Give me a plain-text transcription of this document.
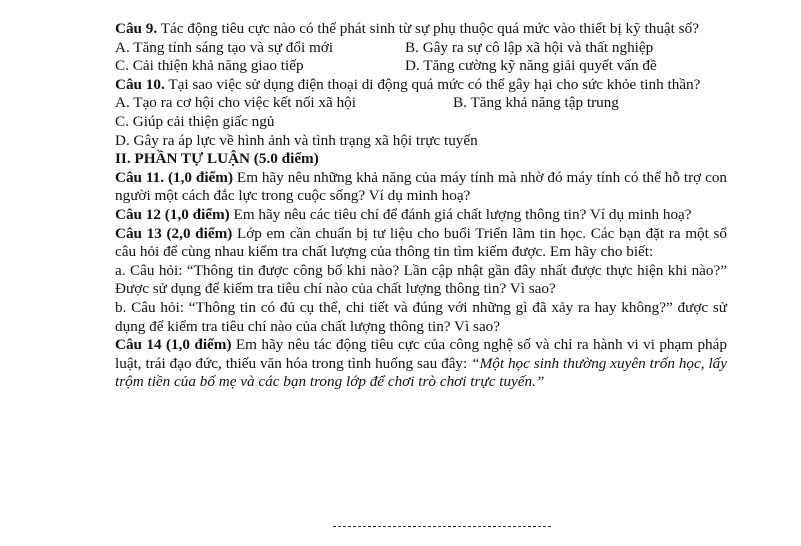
Câu 9. Tác động tiêu cực nào có thể phát sinh từ sự phụ thuộc quá mức vào thiết bị kỹ thuật số?

A. Tăng tính sáng tạo và sự đổi mới	B. Gây ra sự cô lập xã hội và thất nghiệp
C. Cải thiện khả năng giao tiếp	D. Tăng cường kỹ năng giải quyết vấn đề

Câu 10. Tại sao việc sử dụng điện thoại di động quá mức có thể gây hại cho sức khỏe tinh thần?

A. Tạo ra cơ hội cho việc kết nối xã hội	B. Tăng khả năng tập trung
C. Giúp cải thiện giấc ngủ
D. Gây ra áp lực về hình ảnh và tình trạng xã hội trực tuyến

II. PHẦN TỰ LUẬN (5.0 điểm)

Câu 11. (1,0 điểm) Em hãy nêu những khả năng của máy tính mà nhờ đó máy tính có thể hỗ trợ con người một cách đắc lực trong cuộc sống? Ví dụ minh hoạ?

Câu 12 (1,0 điểm) Em hãy nêu các tiêu chí để đánh giá chất lượng thông tin? Ví dụ minh hoạ?

Câu 13 (2,0 điểm) Lớp em cần chuẩn bị tư liệu cho buổi Triển lãm tin học. Các bạn đặt ra một số câu hỏi để cùng nhau kiểm tra chất lượng của thông tin tìm kiếm được. Em hãy cho biết:

a. Câu hỏi: “Thông tin được công bố khi nào? Lần cập nhật gần đây nhất được thực hiện khi nào?” Được sử dụng để kiểm tra tiêu chí nào của chất lượng thông tin? Vì sao?

b. Câu hỏi: “Thông tin có đủ cụ thể, chi tiết và đúng với những gì đã xảy ra hay không?” được sử dụng để kiểm tra tiêu chí nào của chất lượng thông tin? Vì sao?

Câu 14 (1,0 điểm) Em hãy nêu tác động tiêu cực của công nghệ số và chỉ ra hành vi vi phạm pháp luật, trái đạo đức, thiếu văn hóa trong tình huống sau đây: “Một học sinh thường xuyên trốn học, lấy trộm tiền của bố mẹ và các bạn trong lớp để chơi trò chơi trực tuyến.”
